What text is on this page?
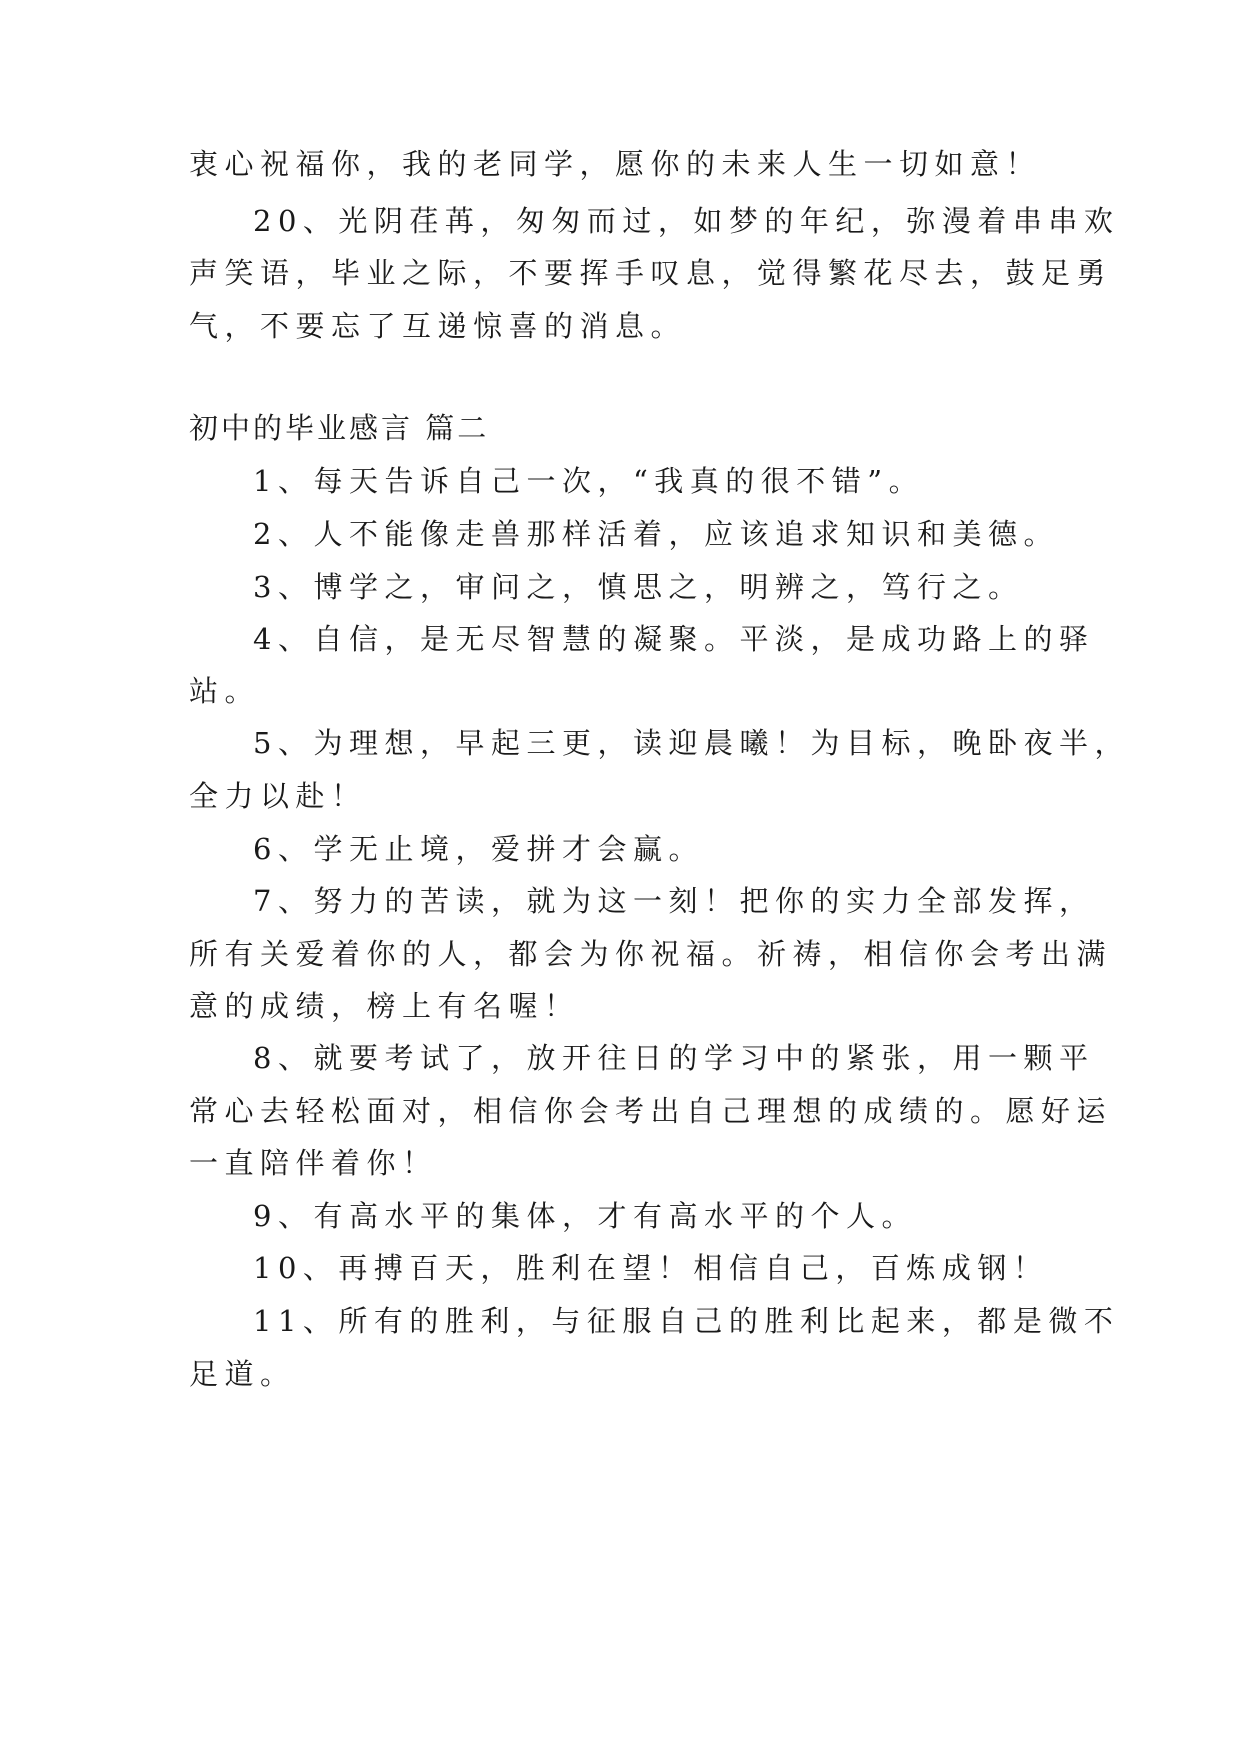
衷心祝福你，我的老同学，愿你的未来人生一切如意！
20、光阴荏苒，匆匆而过，如梦的年纪，弥漫着串串欢
声笑语，毕业之际，不要挥手叹息，觉得繁花尽去，鼓足勇
气，不要忘了互递惊喜的消息。
初中的毕业感言 篇二
1、每天告诉自己一次，“我真的很不错”。
2、人不能像走兽那样活着，应该追求知识和美德。
3、博学之，审问之，慎思之，明辨之，笃行之。
4、自信，是无尽智慧的凝聚。平淡，是成功路上的驿
站。
5、为理想，早起三更，读迎晨曦！为目标，晚卧夜半，
全力以赴！
6、学无止境，爱拼才会赢。
7、努力的苦读，就为这一刻！把你的实力全部发挥，
所有关爱着你的人，都会为你祝福。祈祷，相信你会考出满
意的成绩，榜上有名喔！
8、就要考试了，放开往日的学习中的紧张，用一颗平
常心去轻松面对，相信你会考出自己理想的成绩的。愿好运
一直陪伴着你！
9、有高水平的集体，才有高水平的个人。
10、再搏百天，胜利在望！相信自己，百炼成钢！
11、所有的胜利，与征服自己的胜利比起来，都是微不
足道。
